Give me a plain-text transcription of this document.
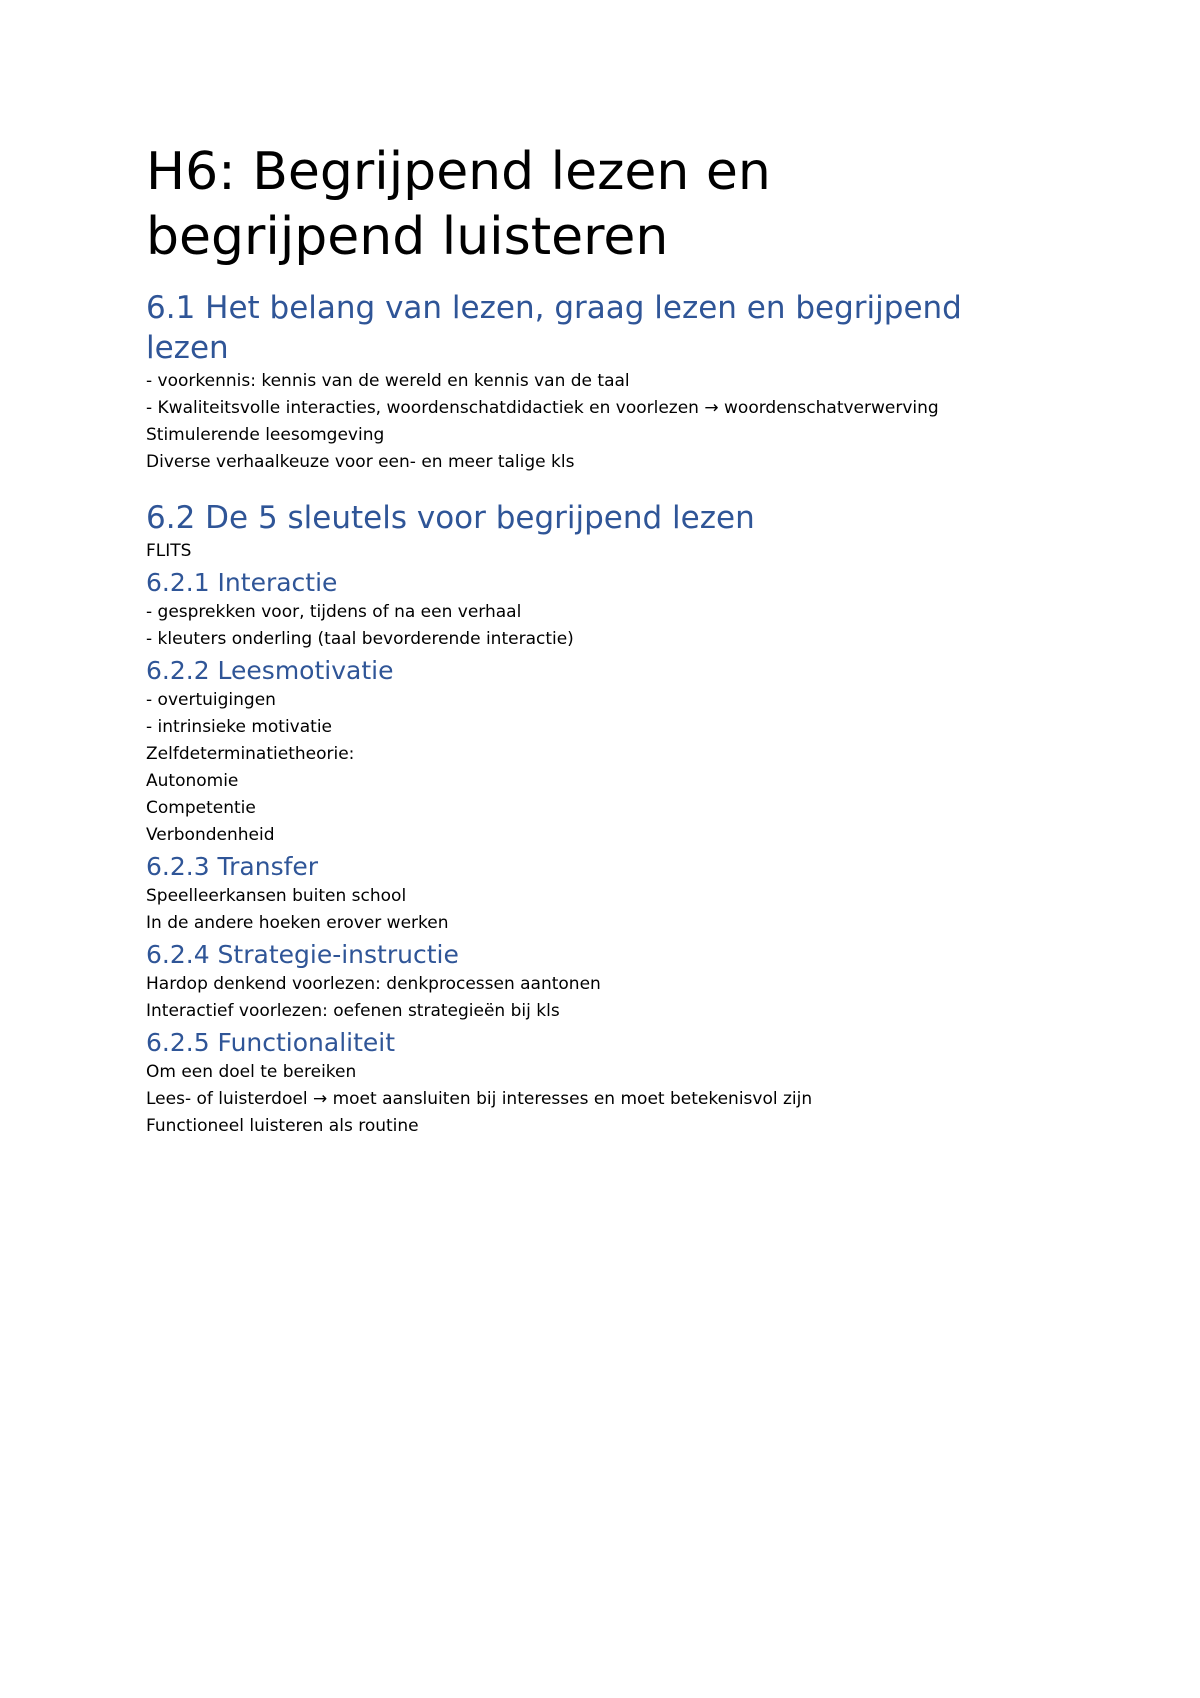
H6: Begrijpend lezen en begrijpend luisteren
6.1 Het belang van lezen, graag lezen en begrijpend lezen

- voorkennis: kennis van de wereld en kennis van de taal

- Kwaliteitsvolle interacties, woordenschatdidactiek en voorlezen → woordenschatverwerving

Stimulerende leesomgeving

Diverse verhaalkeuze voor een- en meer talige kls

6.2 De 5 sleutels voor begrijpend lezen

FLITS

6.2.1 Interactie

- gesprekken voor, tijdens of na een verhaal

- kleuters onderling (taal bevorderende interactie)

6.2.2 Leesmotivatie

- overtuigingen

- intrinsieke motivatie

Zelfdeterminatietheorie:

Autonomie

Competentie

Verbondenheid

6.2.3 Transfer

Speelleerkansen buiten school

In de andere hoeken erover werken

6.2.4 Strategie-instructie

Hardop denkend voorlezen: denkprocessen aantonen

Interactief voorlezen: oefenen strategieën bij kls

6.2.5 Functionaliteit

Om een doel te bereiken

Lees- of luisterdoel → moet aansluiten bij interesses en moet betekenisvol zijn

Functioneel luisteren als routine
